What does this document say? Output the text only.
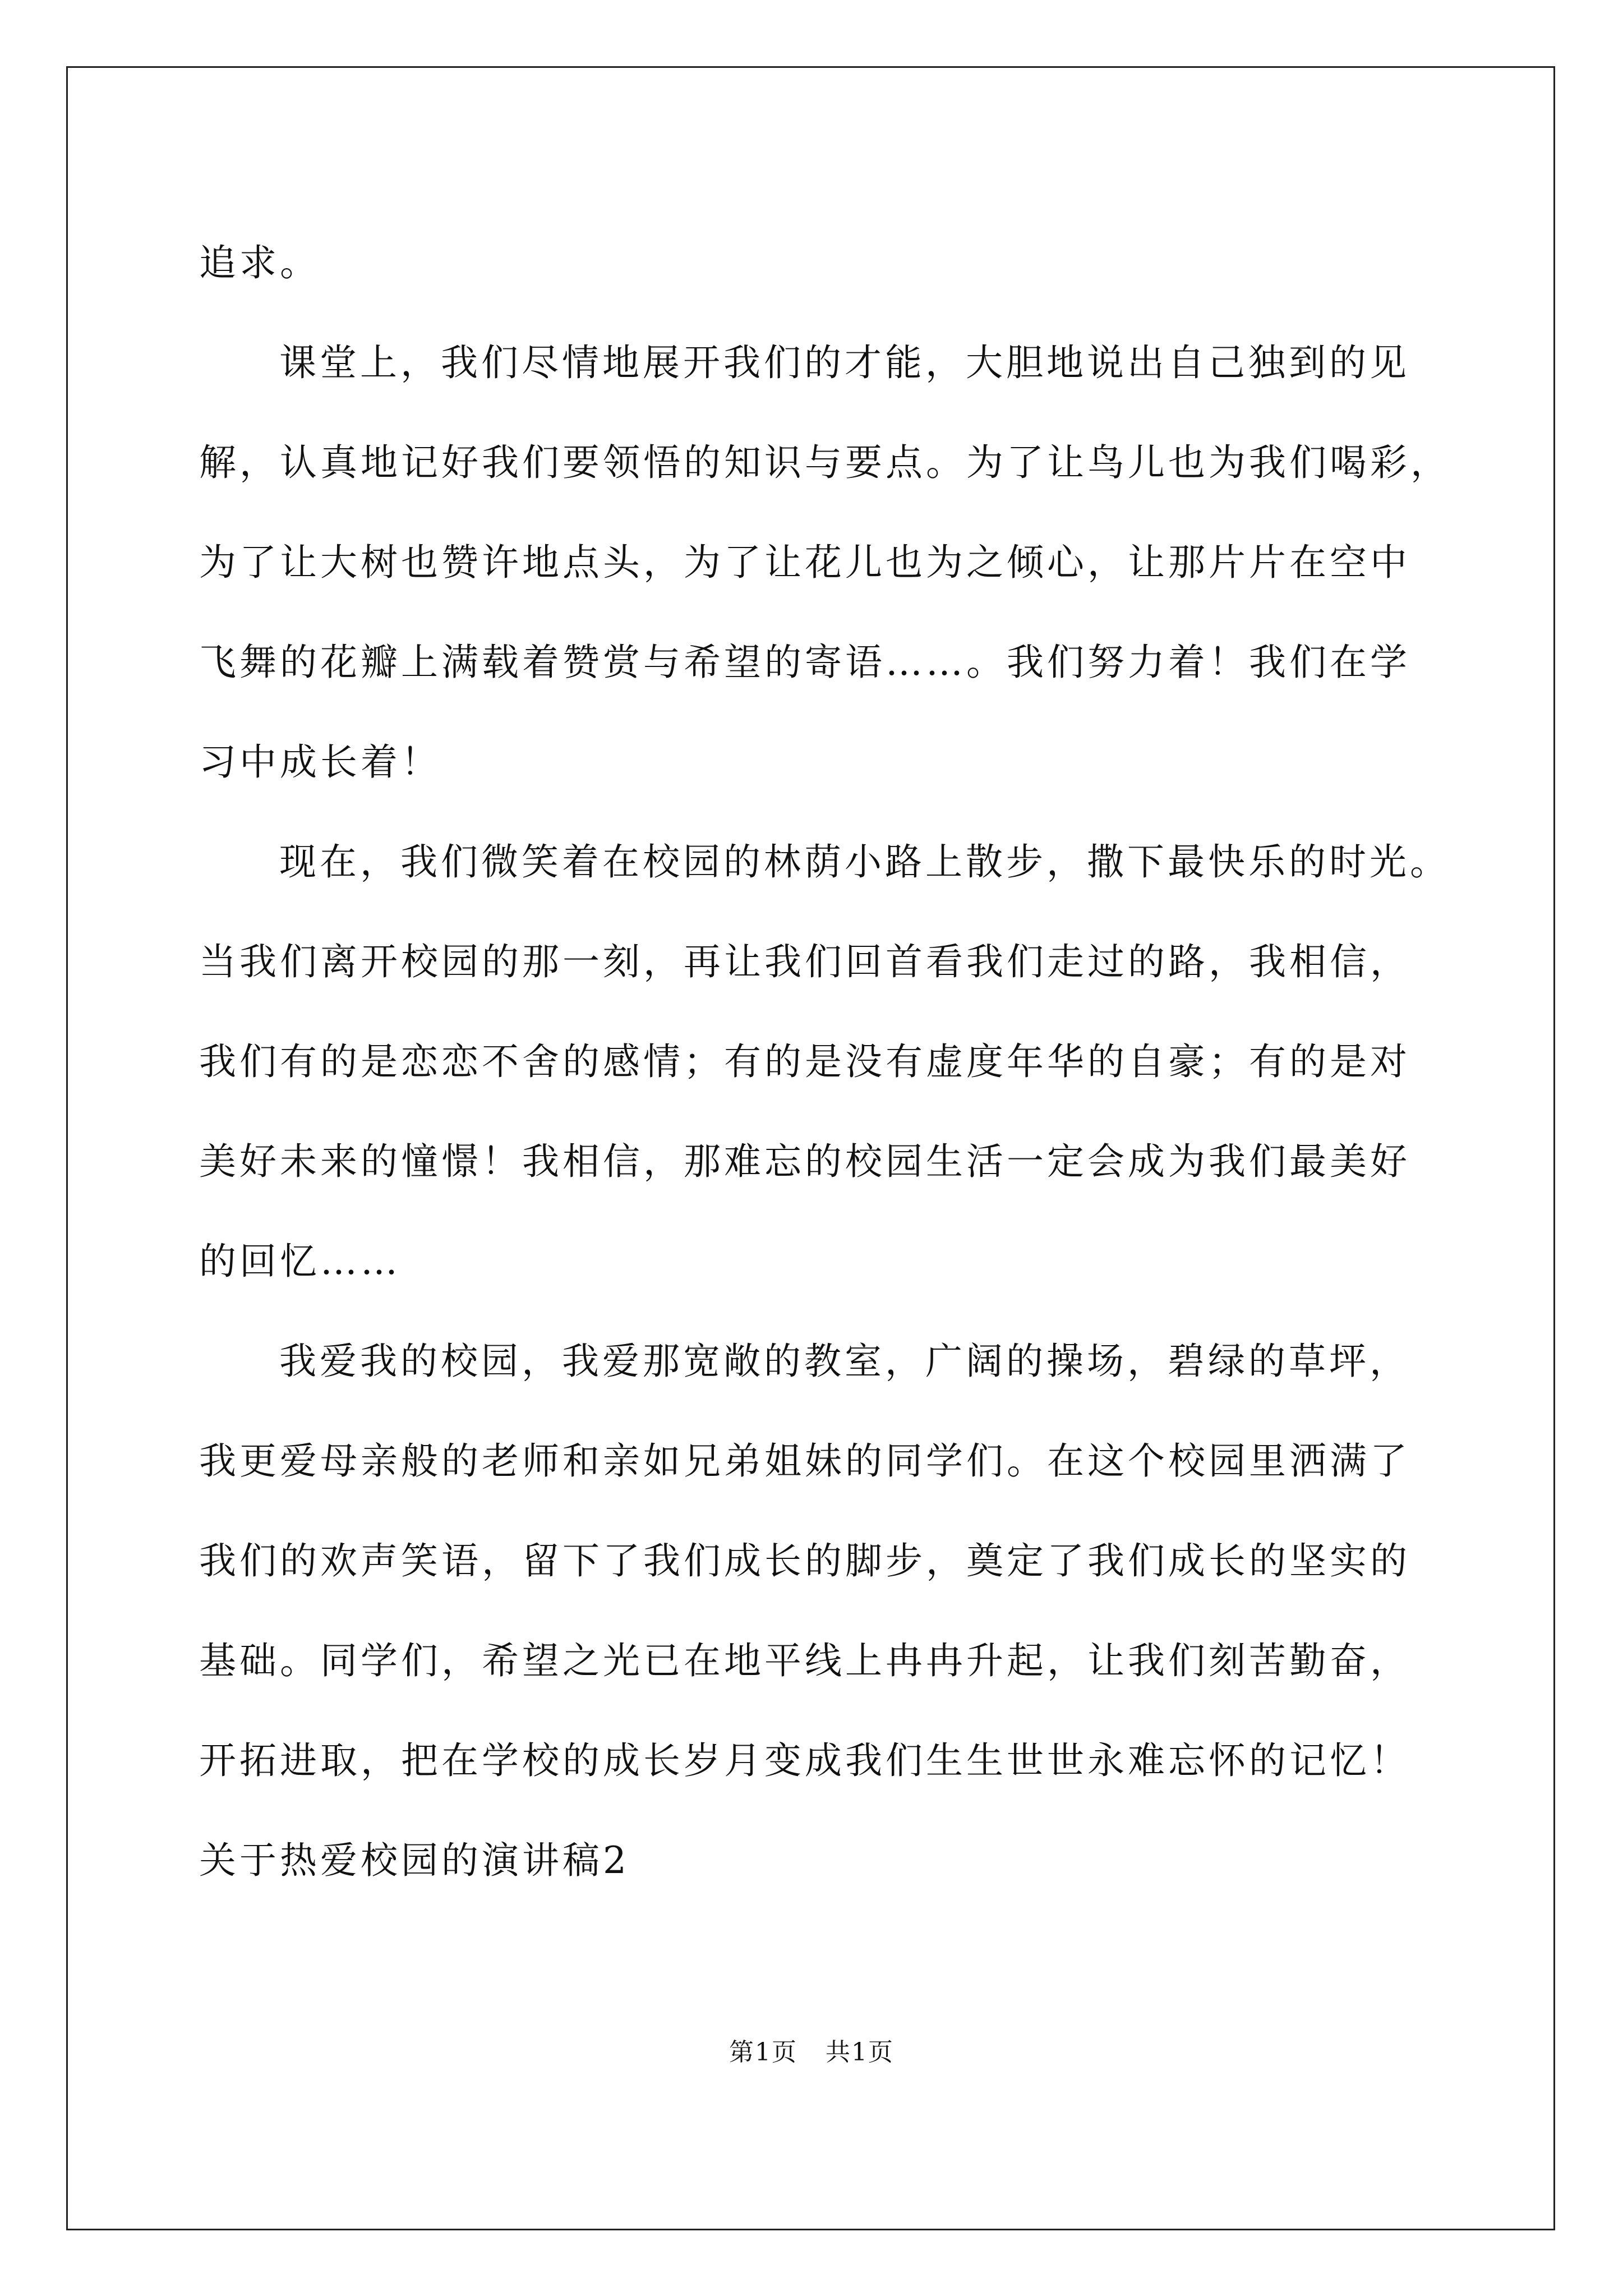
追求。
课堂上，我们尽情地展开我们的才能，大胆地说出自己独到的见
解，认真地记好我们要领悟的知识与要点。为了让鸟儿也为我们喝彩，
为了让大树也赞许地点头，为了让花儿也为之倾心，让那片片在空中
飞舞的花瓣上满载着赞赏与希望的寄语……。我们努力着！我们在学
习中成长着！
现在，我们微笑着在校园的林荫小路上散步，撒下最快乐的时光。
当我们离开校园的那一刻，再让我们回首看我们走过的路，我相信，
我们有的是恋恋不舍的感情；有的是没有虚度年华的自豪；有的是对
美好未来的憧憬！我相信，那难忘的校园生活一定会成为我们最美好
的回忆……
我爱我的校园，我爱那宽敞的教室，广阔的操场，碧绿的草坪，
我更爱母亲般的老师和亲如兄弟姐妹的同学们。在这个校园里洒满了
我们的欢声笑语，留下了我们成长的脚步，奠定了我们成长的坚实的
基础。同学们，希望之光已在地平线上冉冉升起，让我们刻苦勤奋，
开拓进取，把在学校的成长岁月变成我们生生世世永难忘怀的记忆！
关于热爱校园的演讲稿2
第1页 共1页
